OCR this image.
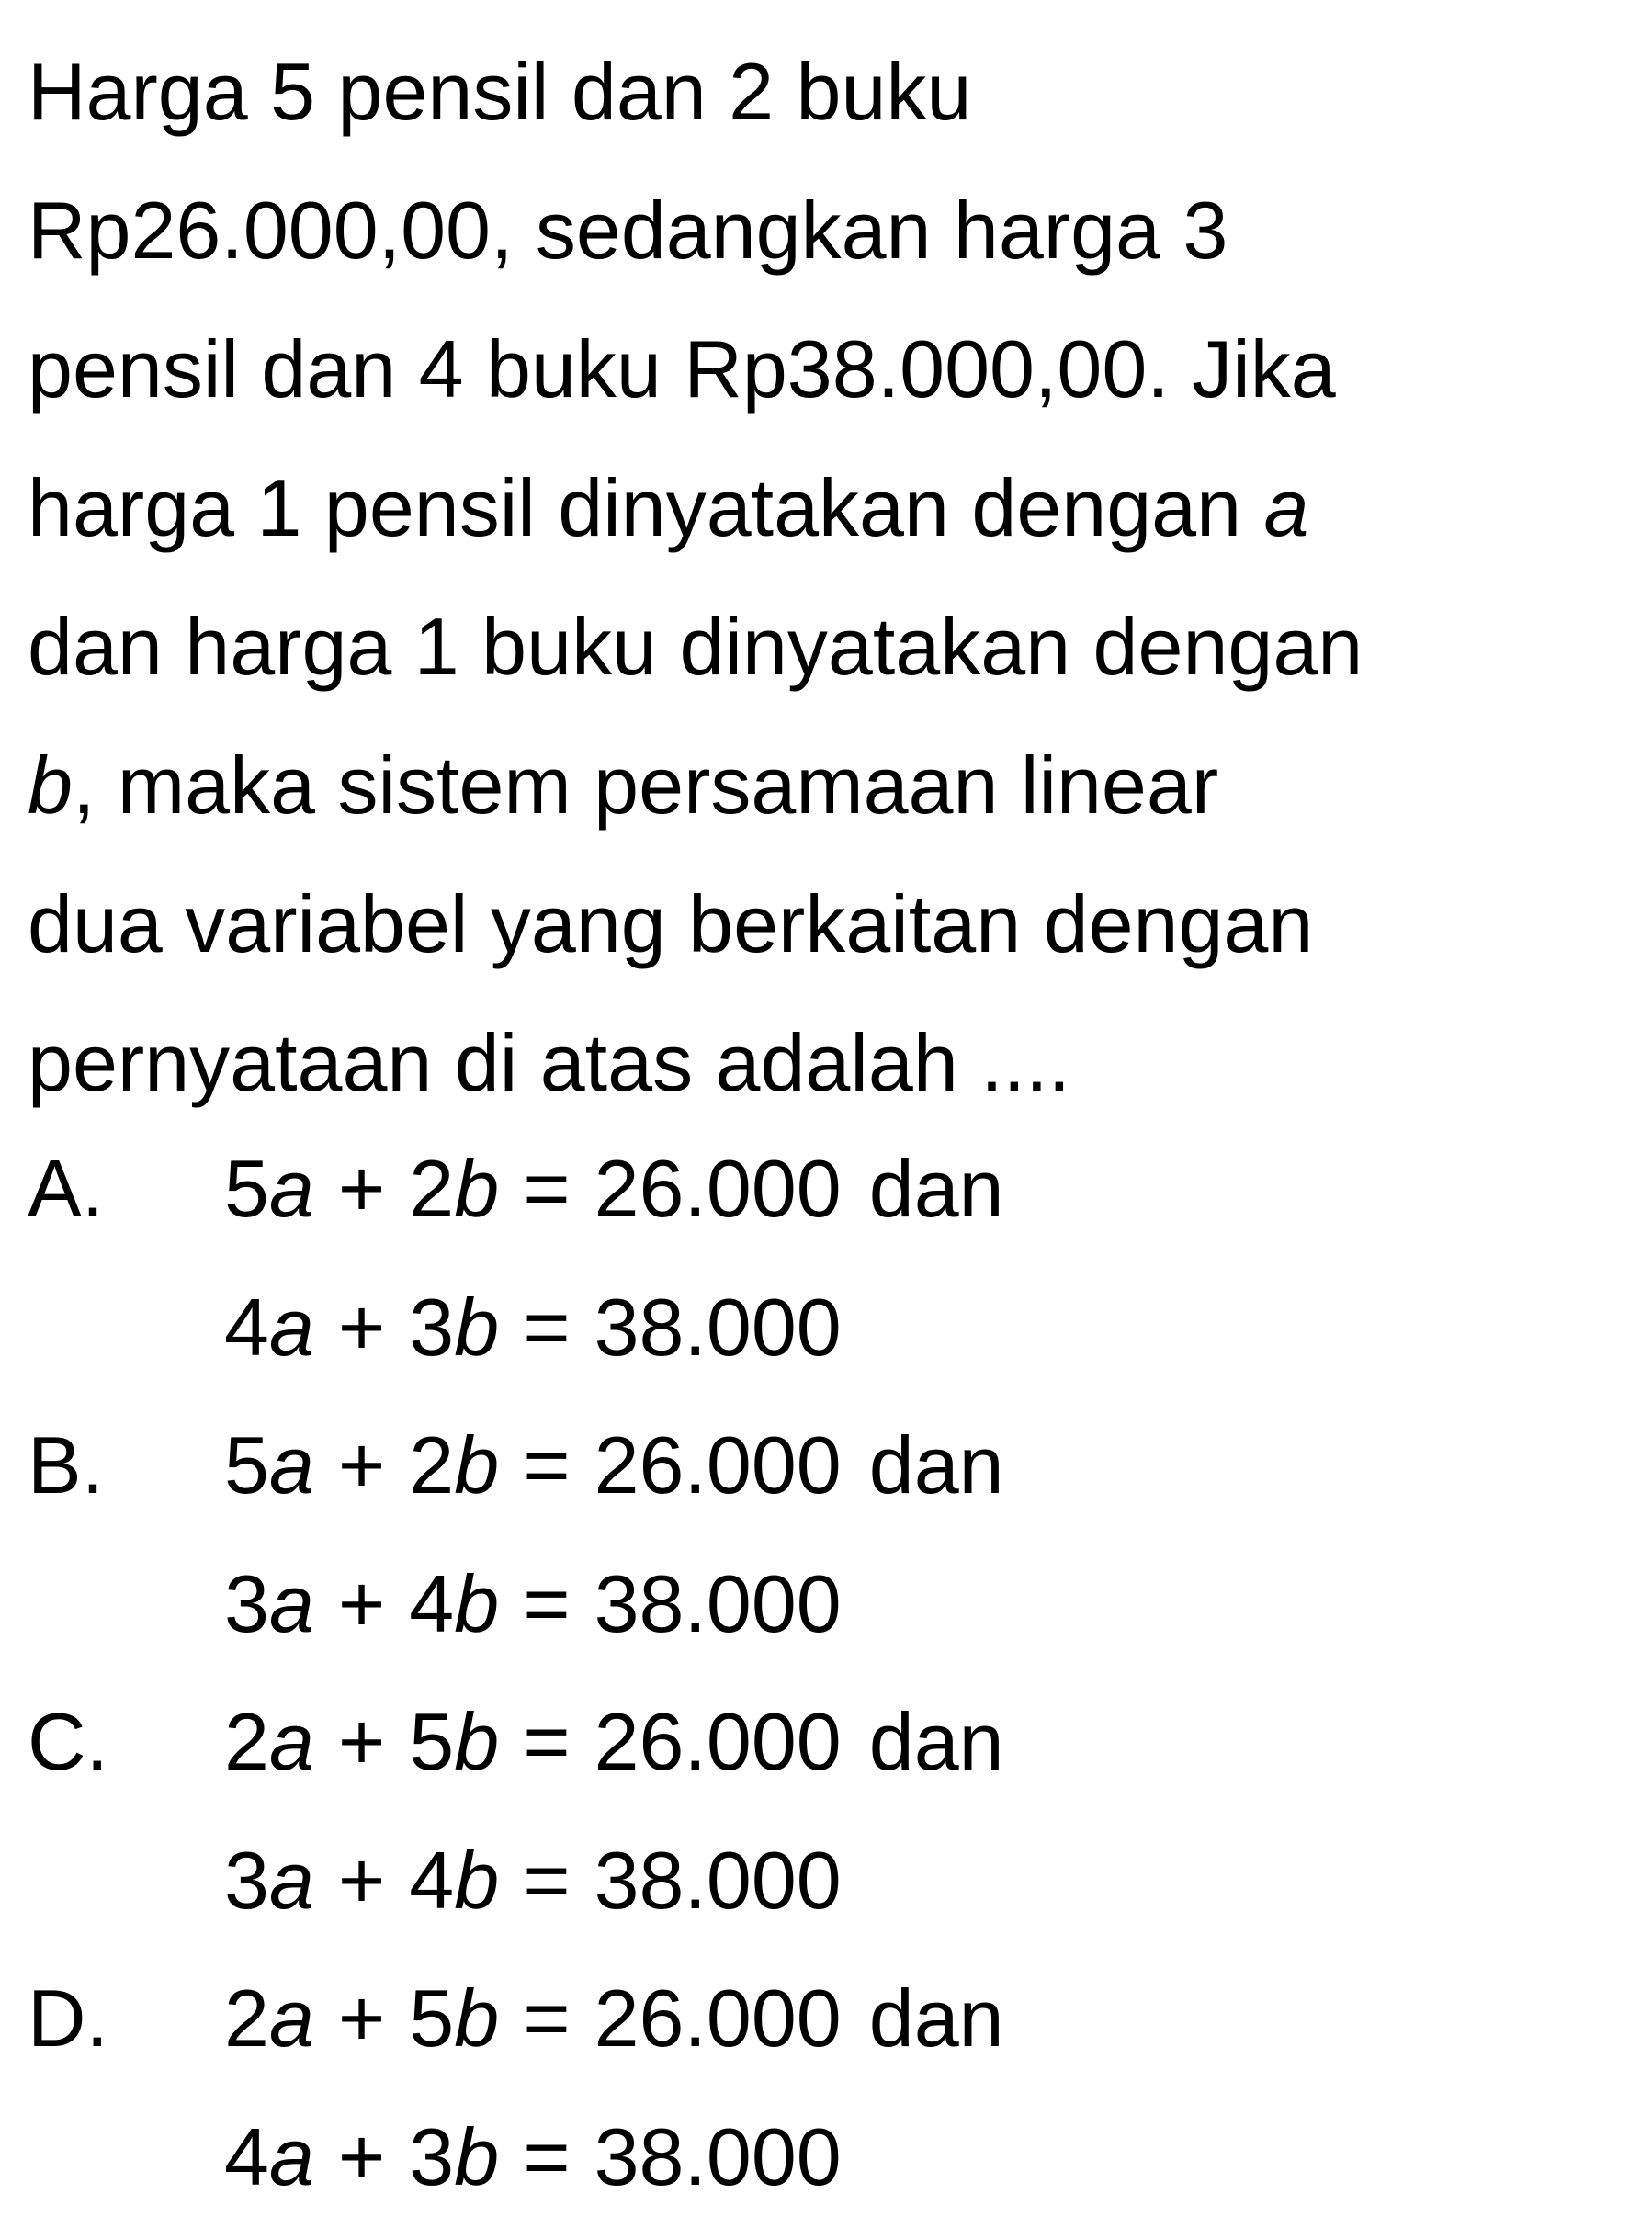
Harga 5 pensil dan 2 buku
Rp26.000,00, sedangkan harga 3
pensil dan 4 buku Rp38.000,00. Jika
harga 1 pensil dinyatakan dengan a
dan harga 1 buku dinyatakan dengan
b, maka sistem persamaan linear
dua variabel yang berkaitan dengan
pernyataan di atas adalah ....
A. 5a + 2b = 26.000 dan
4a + 3b = 38.000
B. 5a + 2b = 26.000 dan
3a + 4b = 38.000
C. 2a + 5b = 26.000 dan
3a + 4b = 38.000
D. 2a + 5b = 26.000 dan
4a + 3b = 38.000
